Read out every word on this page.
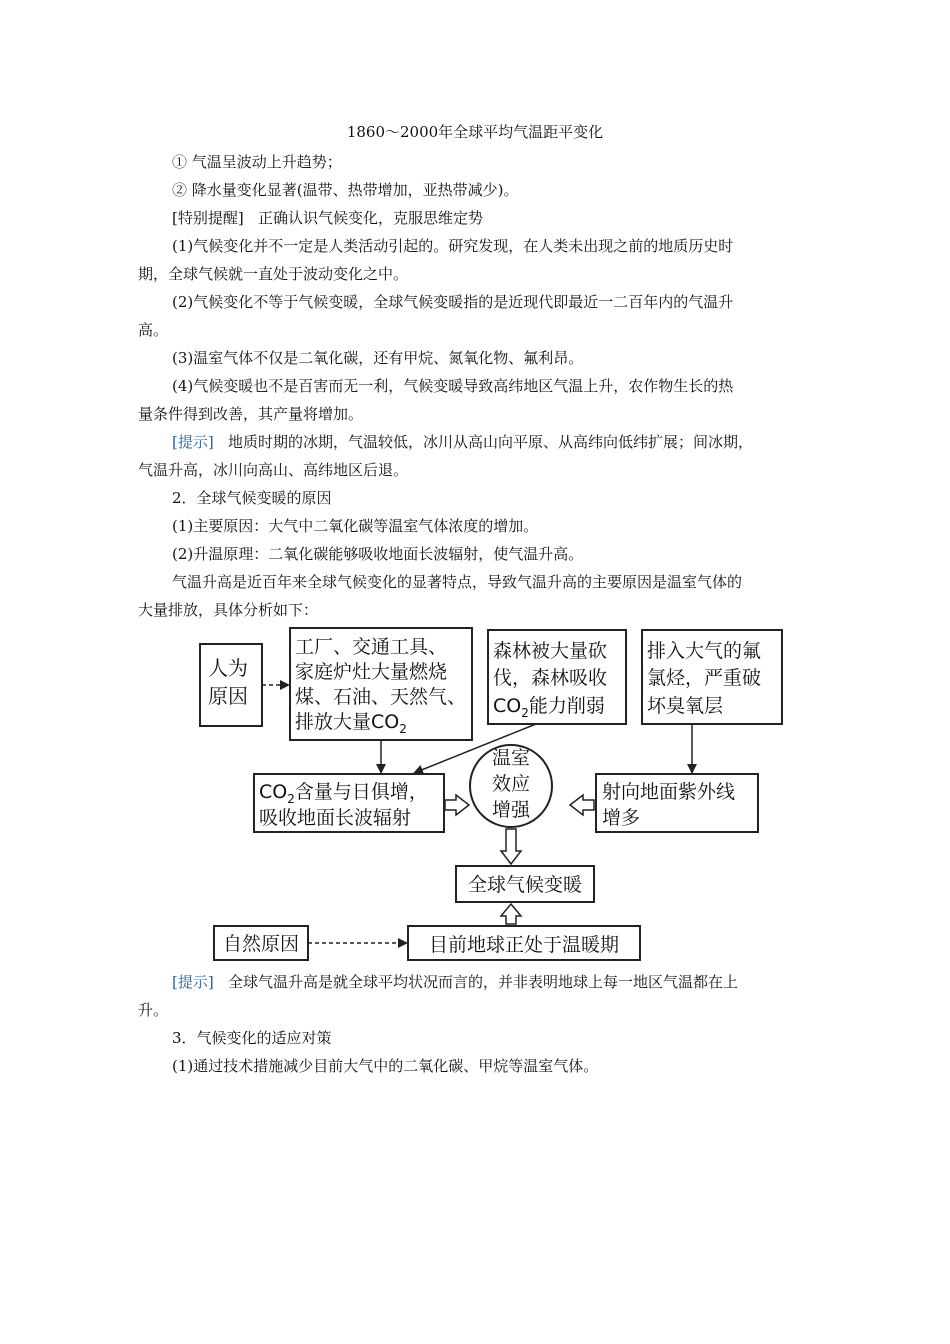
1860～2000年全球平均气温距平变化
① 气温呈波动上升趋势；
② 降水量变化显著(温带、热带增加，亚热带减少)。
[特别提醒] 正确认识气候变化，克服思维定势
(1)气候变化并不一定是人类活动引起的。研究发现，在人类未出现之前的地质历史时
期，全球气候就一直处于波动变化之中。
(2)气候变化不等于气候变暖，全球气候变暖指的是近现代即最近一二百年内的气温升
高。
(3)温室气体不仅是二氧化碳，还有甲烷、氮氧化物、氟利昂。
(4)气候变暖也不是百害而无一利，气候变暖导致高纬地区气温上升，农作物生长的热
量条件得到改善，其产量将增加。
[提示] 地质时期的冰期，气温较低，冰川从高山向平原、从高纬向低纬扩展；间冰期，
气温升高，冰川向高山、高纬地区后退。
2．全球气候变暖的原因
(1)主要原因：大气中二氧化碳等温室气体浓度的增加。
(2)升温原理：二氧化碳能够吸收地面长波辐射，使气温升高。
气温升高是近百年来全球气候变化的显著特点，导致气温升高的主要原因是温室气体的
大量排放，具体分析如下：
人为
原因
工厂、交通工具、
家庭炉灶大量燃烧
煤、石油、天然气、
排放大量$CO_2$
森林被大量砍
伐，森林吸收
$CO_2$能力削弱
排入大气的氟
氯烃，严重破
坏臭氧层
$CO_2$含量与日俱增，
吸收地面长波辐射
温室
效应
增强
射向地面紫外线
增多
全球气候变暖
自然原因	目前地球正处于温暖期
[提示] 全球气温升高是就全球平均状况而言的，并非表明地球上每一地区气温都在上
升。
3．气候变化的适应对策
(1)通过技术措施减少目前大气中的二氧化碳、甲烷等温室气体。
